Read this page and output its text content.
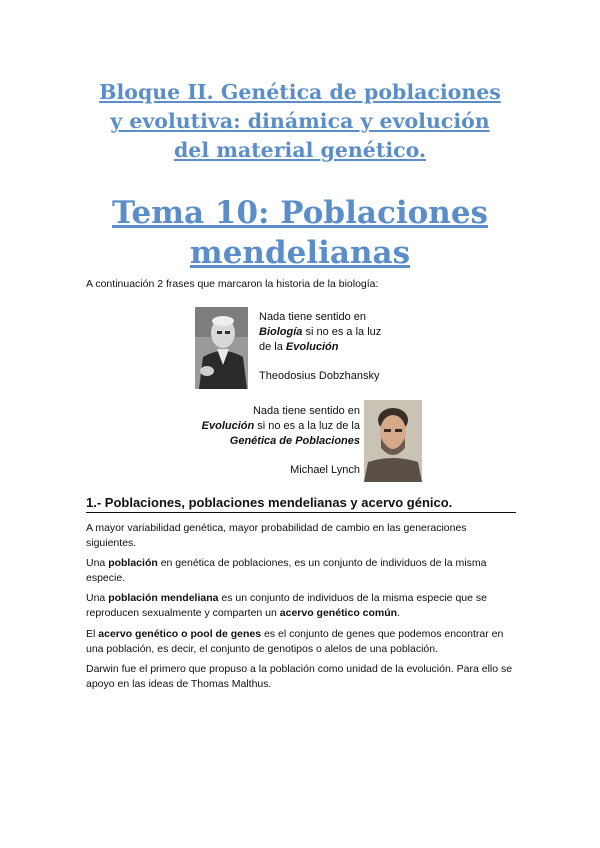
Bloque II. Genética de poblaciones
y evolutiva: dinámica y evolución
del material genético.
Tema 10: Poblaciones
mendelianas
A continuación 2 frases que marcaron la historia de la biología:
Nada tiene sentido en
Biología si no es a la luz
de la Evolución
Theodosius Dobzhansky
Nada tiene sentido en
Evolución si no es a la luz de la
Genética de Poblaciones
Michael Lynch
1.- Poblaciones, poblaciones mendelianas y acervo génico.
A mayor variabilidad genética, mayor probabilidad de cambio en las generaciones siguientes.
Una población en genética de poblaciones, es un conjunto de individuos de la misma especie.
Una población mendeliana es un conjunto de individuos de la misma especie que se reproducen sexualmente y comparten un acervo genético común.
El acervo genético o pool de genes es el conjunto de genes que podemos encontrar en una población, es decir, el conjunto de genotipos o alelos de una población.
Darwin fue el primero que propuso a la población como unidad de la evolución. Para ello se apoyo en las ideas de Thomas Malthus.
